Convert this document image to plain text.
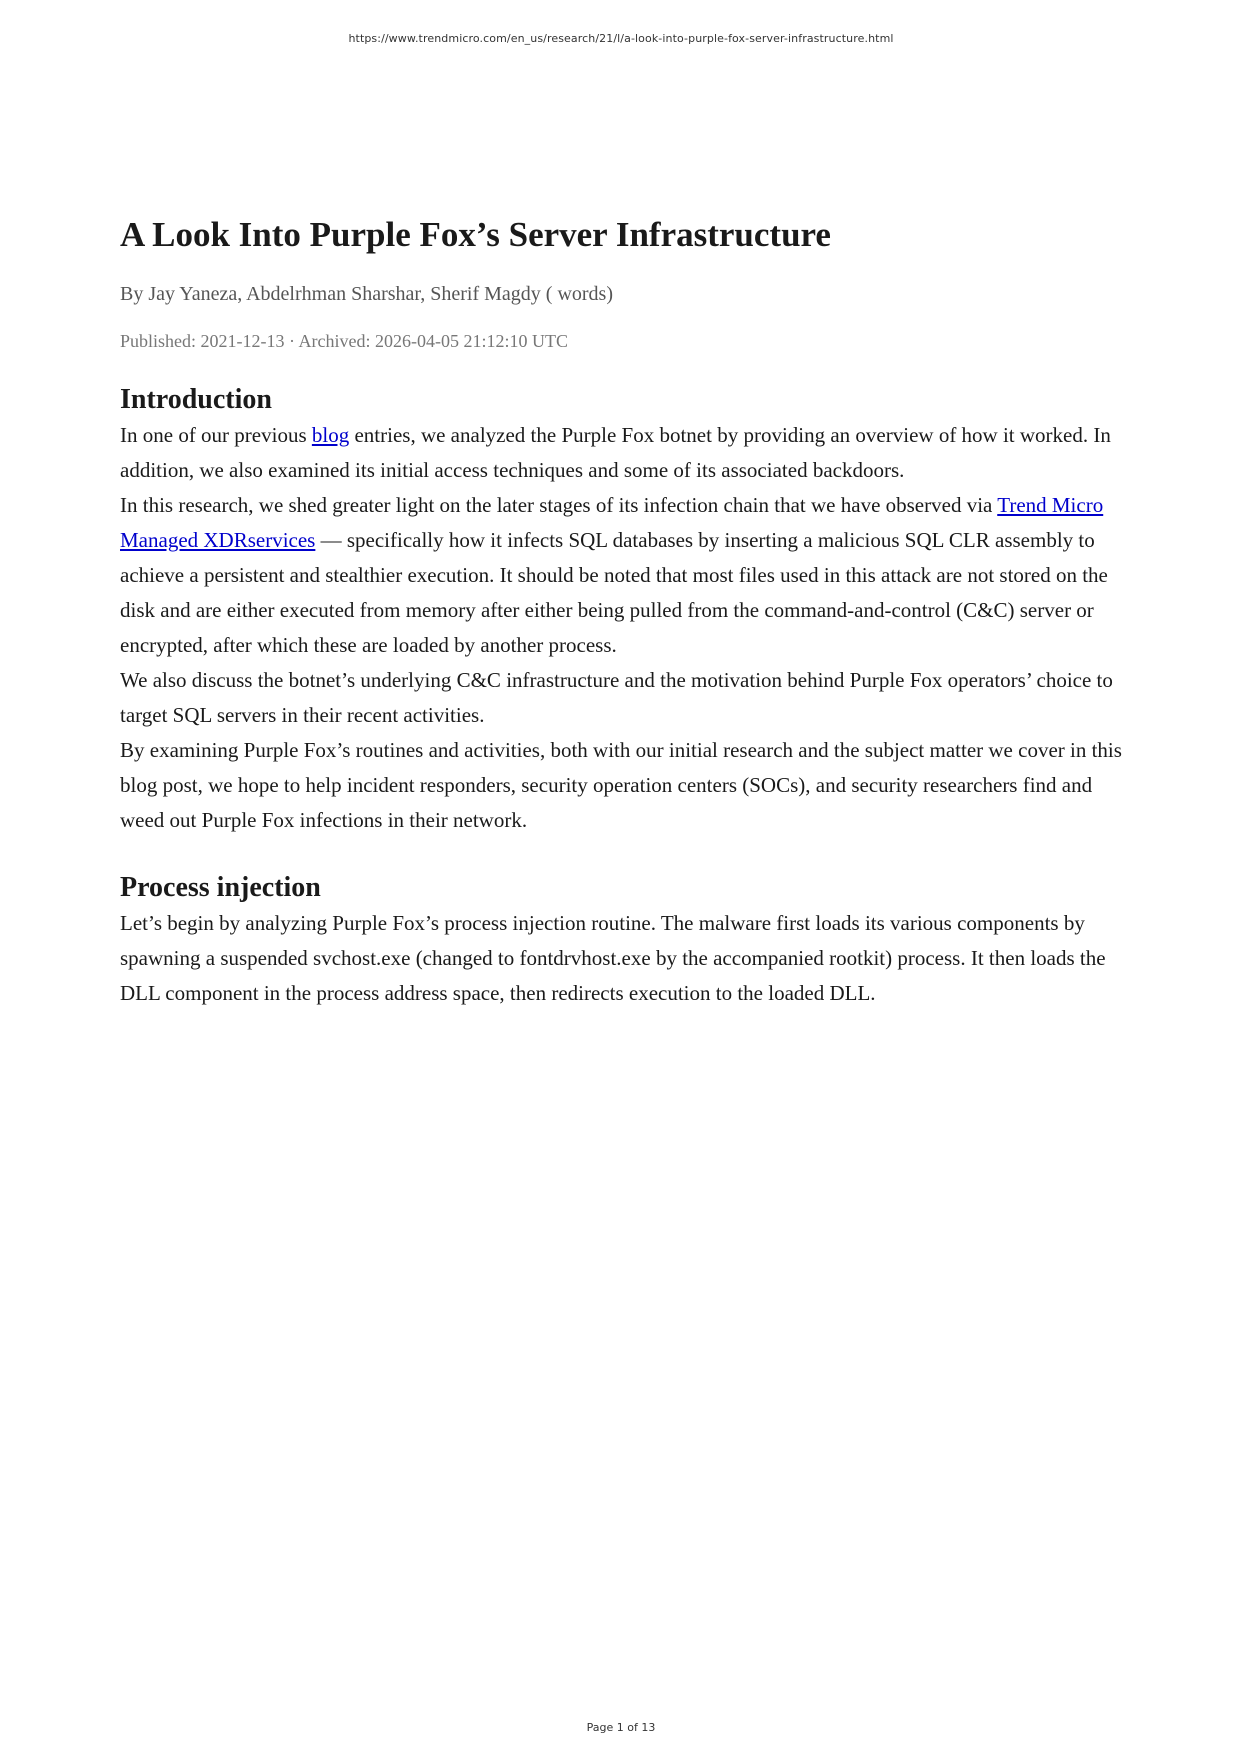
https://www.trendmicro.com/en_us/research/21/l/a-look-into-purple-fox-server-infrastructure.html
A Look Into Purple Fox’s Server Infrastructure
By Jay Yaneza, Abdelrhman Sharshar, Sherif Magdy ( words)
Published: 2021-12-13 · Archived: 2026-04-05 21:12:10 UTC
Introduction

In one of our previous blog entries, we analyzed the Purple Fox botnet by providing an overview of how it worked. In addition, we also examined its initial access techniques and some of its associated backdoors.

In this research, we shed greater light on the later stages of its infection chain that we have observed via Trend Micro Managed XDRservices — specifically how it infects SQL databases by inserting a malicious SQL CLR assembly to achieve a persistent and stealthier execution. It should be noted that most files used in this attack are not stored on the disk and are either executed from memory after either being pulled from the command-and-control (C&C) server or encrypted, after which these are loaded by another process.

We also discuss the botnet’s underlying C&C infrastructure and the motivation behind Purple Fox operators’ choice to target SQL servers in their recent activities.

By examining Purple Fox’s routines and activities, both with our initial research and the subject matter we cover in this blog post, we hope to help incident responders, security operation centers (SOCs), and security researchers find and weed out Purple Fox infections in their network.

Process injection

Let’s begin by analyzing Purple Fox’s process injection routine. The malware first loads its various components by spawning a suspended svchost.exe (changed to fontdrvhost.exe by the accompanied rootkit) process. It then loads the DLL component in the process address space, then redirects execution to the loaded DLL.

Page 1 of 13
